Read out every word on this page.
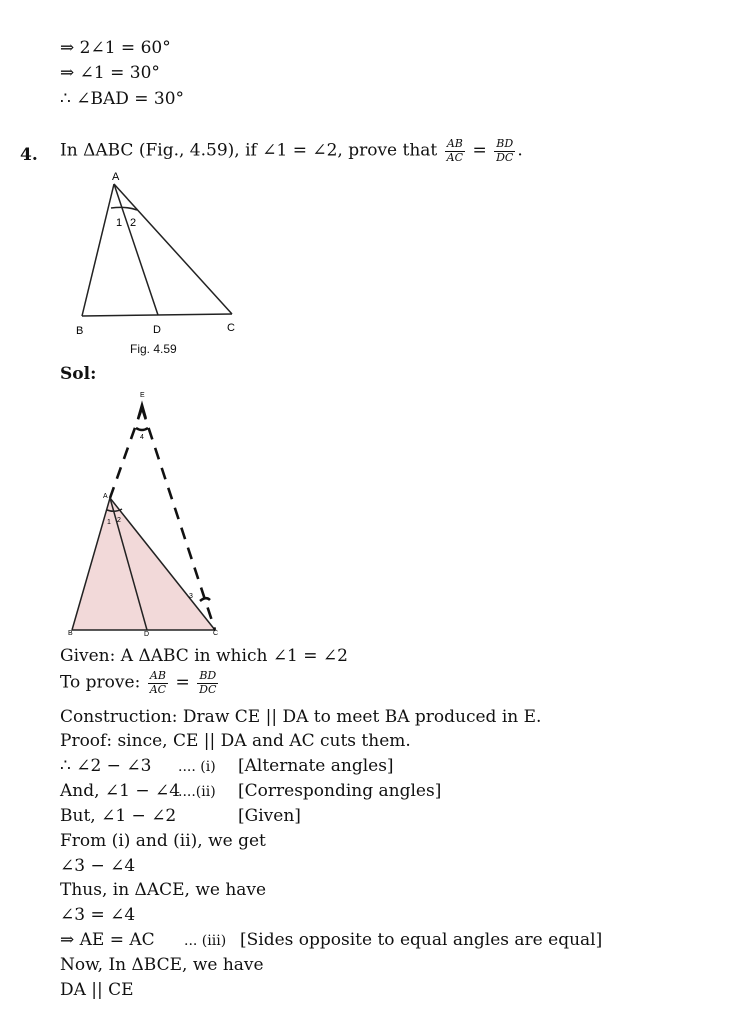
⇒ 2∠1 = 60°
⇒ ∠1 = 30°
∴ ∠BAD = 30°
4. In ΔABC (Fig., 4.59), if ∠1 = ∠2, prove that $\frac{AB}{AC} = \frac{BD}{DC}$ .
A
B	D	C
1 2
Fig. 4.59
Sol:
E
A
B	D	C
1 2
3
4
Given: A ΔABC in which ∠1 = ∠2
To prove: $\frac{AB}{AC} = \frac{BD}{DC}$
Construction: Draw CE || DA to meet BA produced in E.
Proof: since, CE || DA and AC cuts them.
∴ ∠2 − ∠3 .... (i) [Alternate angles]
And, ∠1 − ∠4....(ii) [Corresponding angles]
But, ∠1 − ∠2	[Given]
From (i) and (ii), we get
∠3 − ∠4
Thus, in ΔACE, we have
∠3 = ∠4
⇒ AE = AC ... (iii) [Sides opposite to equal angles are equal]
Now, In ΔBCE, we have
DA || CE
